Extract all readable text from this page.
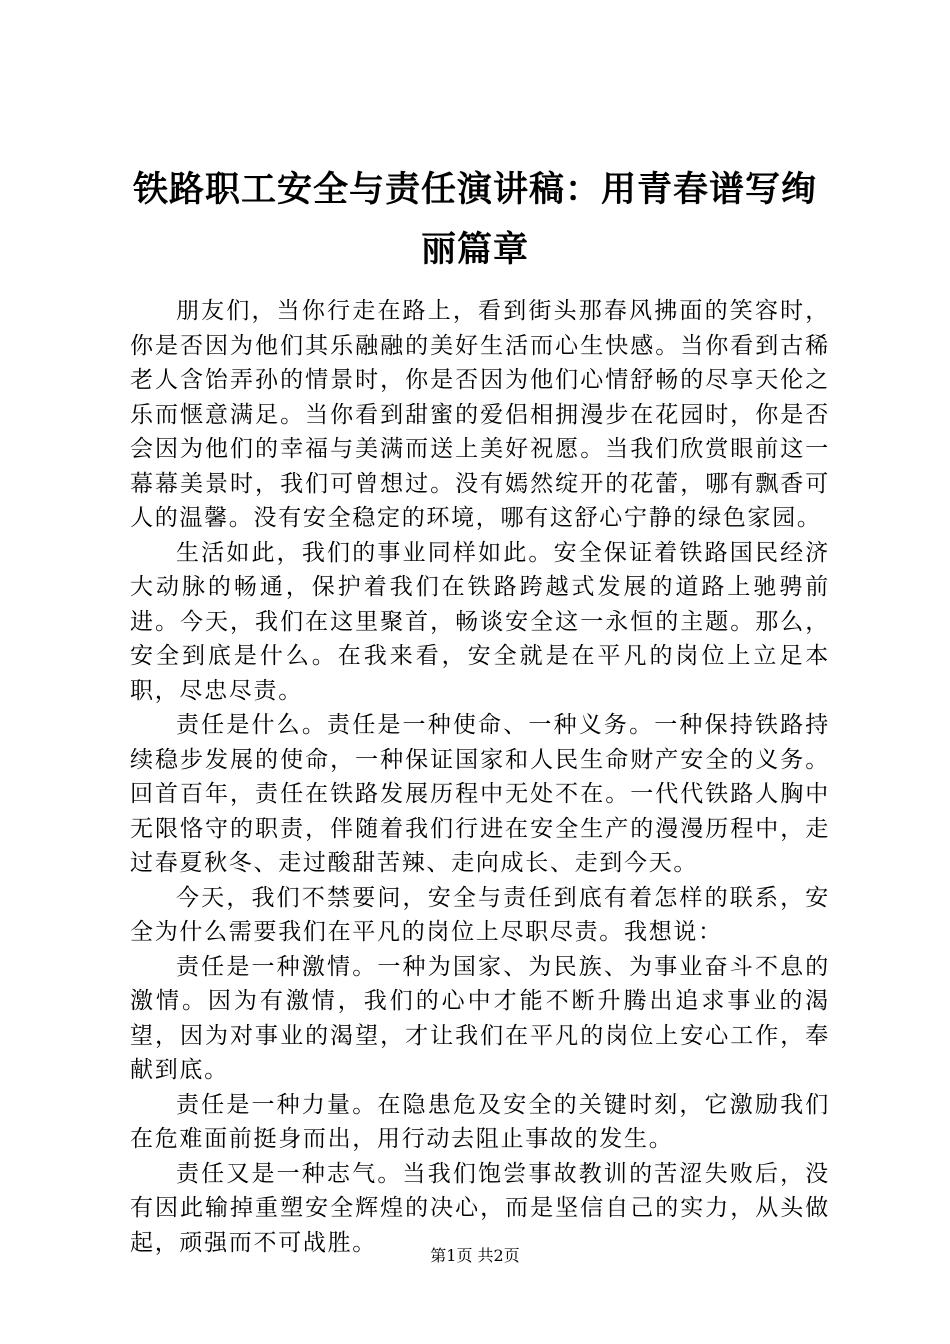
铁路职工安全与责任演讲稿：用青春谱写绚丽篇章

朋友们，当你行走在路上，看到街头那春风拂面的笑容时，你是否因为他们其乐融融的美好生活而心生快感。当你看到古稀老人含饴弄孙的情景时，你是否因为他们心情舒畅的尽享天伦之乐而惬意满足。当你看到甜蜜的爱侣相拥漫步在花园时，你是否会因为他们的幸福与美满而送上美好祝愿。当我们欣赏眼前这一幕幕美景时，我们可曾想过。没有嫣然绽开的花蕾，哪有飘香可人的温馨。没有安全稳定的环境，哪有这舒心宁静的绿色家园。

生活如此，我们的事业同样如此。安全保证着铁路国民经济大动脉的畅通，保护着我们在铁路跨越式发展的道路上驰骋前进。今天，我们在这里聚首，畅谈安全这一永恒的主题。那么，安全到底是什么。在我来看，安全就是在平凡的岗位上立足本职，尽忠尽责。

责任是什么。责任是一种使命、一种义务。一种保持铁路持续稳步发展的使命，一种保证国家和人民生命财产安全的义务。回首百年，责任在铁路发展历程中无处不在。一代代铁路人胸中无限恪守的职责，伴随着我们行进在安全生产的漫漫历程中，走过春夏秋冬、走过酸甜苦辣、走向成长、走到今天。

今天，我们不禁要问，安全与责任到底有着怎样的联系，安全为什么需要我们在平凡的岗位上尽职尽责。我想说：

责任是一种激情。一种为国家、为民族、为事业奋斗不息的激情。因为有激情，我们的心中才能不断升腾出追求事业的渴望，因为对事业的渴望，才让我们在平凡的岗位上安心工作，奉献到底。

责任是一种力量。在隐患危及安全的关键时刻，它激励我们在危难面前挺身而出，用行动去阻止事故的发生。

责任又是一种志气。当我们饱尝事故教训的苦涩失败后，没有因此输掉重塑安全辉煌的决心，而是坚信自己的实力，从头做起，顽强而不可战胜。	第1页 共2页
